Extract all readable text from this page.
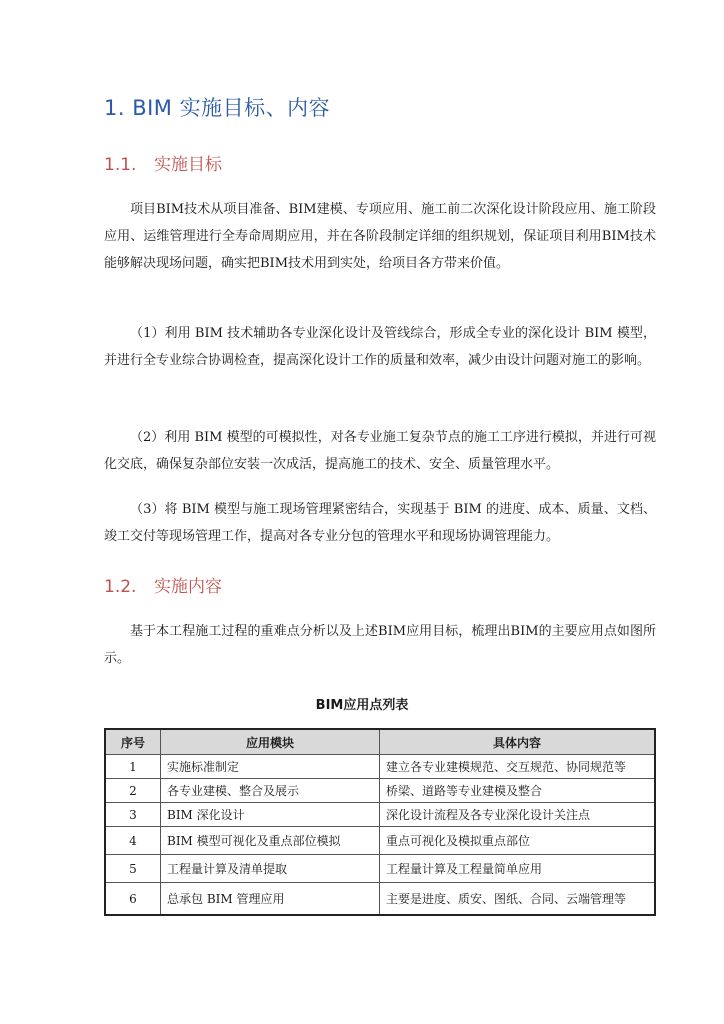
1. BIM 实施目标、内容
1.1. 实施目标

项目BIM技术从项目准备、BIM建模、专项应用、施工前二次深化设计阶段应用、施工阶段应用、运维管理进行全寿命周期应用，并在各阶段制定详细的组织规划，保证项目利用BIM技术能够解决现场问题，确实把BIM技术用到实处，给项目各方带来价值。

（1）利用 BIM 技术辅助各专业深化设计及管线综合，形成全专业的深化设计 BIM 模型，并进行全专业综合协调检查，提高深化设计工作的质量和效率，减少由设计问题对施工的影响。

（2）利用 BIM 模型的可模拟性，对各专业施工复杂节点的施工工序进行模拟，并进行可视化交底，确保复杂部位安装一次成活，提高施工的技术、安全、质量管理水平。

（3）将 BIM 模型与施工现场管理紧密结合，实现基于 BIM 的进度、成本、质量、文档、竣工交付等现场管理工作，提高对各专业分包的管理水平和现场协调管理能力。

1.2. 实施内容

基于本工程施工过程的重难点分析以及上述BIM应用目标，梳理出BIM的主要应用点如图所示。

BIM应用点列表
序号	应用模块	具体内容
1	实施标准制定	建立各专业建模规范、交互规范、协同规范等
2	各专业建模、整合及展示	桥梁、道路等专业建模及整合
3	BIM 深化设计	深化设计流程及各专业深化设计关注点
4	BIM 模型可视化及重点部位模拟	重点可视化及模拟重点部位
5	工程量计算及清单提取	工程量计算及工程量简单应用
6	总承包 BIM 管理应用	主要是进度、质安、图纸、合同、云端管理等
